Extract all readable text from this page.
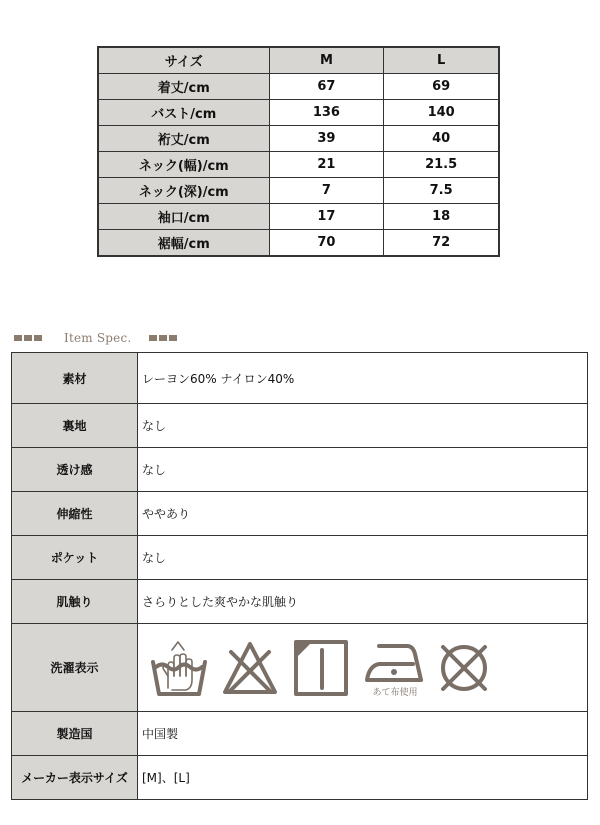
サイズ	M	L
着丈/cm	67	69
バスト/cm	136	140
裄丈/cm	39	40
ネック(幅)/cm	21	21.5
ネック(深)/cm	7	7.5
袖口/cm	17	18
裾幅/cm	70	72
Item Spec.
素材	レーヨン60% ナイロン40%
裏地	なし
透け感	なし
伸縮性	ややあり
ポケット	なし
肌触り	さらりとした爽やかな肌触り
洗濯表示	あて布使用

製造国	中国製
メーカー表示サイズ	[M]、[L]
